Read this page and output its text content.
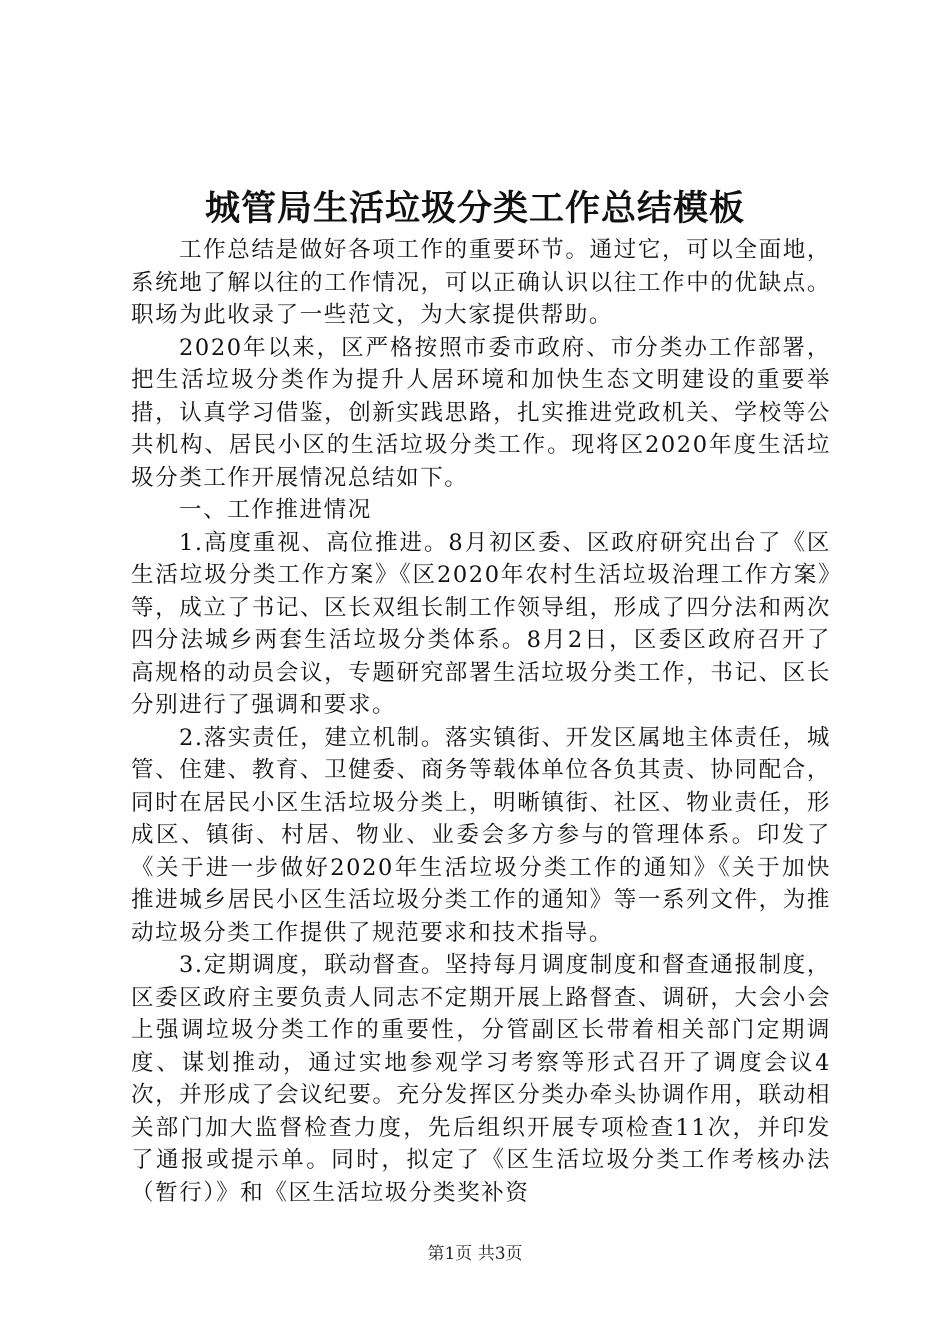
城管局生活垃圾分类工作总结模板

工作总结是做好各项工作的重要环节。通过它，可以全面地，系统地了解以往的工作情况，可以正确认识以往工作中的优缺点。职场为此收录了一些范文，为大家提供帮助。

2020年以来，区严格按照市委市政府、市分类办工作部署，把生活垃圾分类作为提升人居环境和加快生态文明建设的重要举措，认真学习借鉴，创新实践思路，扎实推进党政机关、学校等公共机构、居民小区的生活垃圾分类工作。现将区2020年度生活垃圾分类工作开展情况总结如下。

一、工作推进情况

1.高度重视、高位推进。8月初区委、区政府研究出台了《区生活垃圾分类工作方案》《区2020年农村生活垃圾治理工作方案》等，成立了书记、区长双组长制工作领导组，形成了四分法和两次四分法城乡两套生活垃圾分类体系。8月2日，区委区政府召开了高规格的动员会议，专题研究部署生活垃圾分类工作，书记、区长分别进行了强调和要求。

2.落实责任，建立机制。落实镇街、开发区属地主体责任，城管、住建、教育、卫健委、商务等载体单位各负其责、协同配合，同时在居民小区生活垃圾分类上，明晰镇街、社区、物业责任，形成区、镇街、村居、物业、业委会多方参与的管理体系。印发了《关于进一步做好2020年生活垃圾分类工作的通知》《关于加快推进城乡居民小区生活垃圾分类工作的通知》等一系列文件，为推动垃圾分类工作提供了规范要求和技术指导。

3.定期调度，联动督查。坚持每月调度制度和督查通报制度，区委区政府主要负责人同志不定期开展上路督查、调研，大会小会上强调垃圾分类工作的重要性，分管副区长带着相关部门定期调度、谋划推动，通过实地参观学习考察等形式召开了调度会议4次，并形成了会议纪要。充分发挥区分类办牵头协调作用，联动相关部门加大监督检查力度，先后组织开展专项检查11次，并印发了通报或提示单。同时，拟定了《区生活垃圾分类工作考核办法（暂行）》和《区生活垃圾分类奖补资

第1页 共3页
